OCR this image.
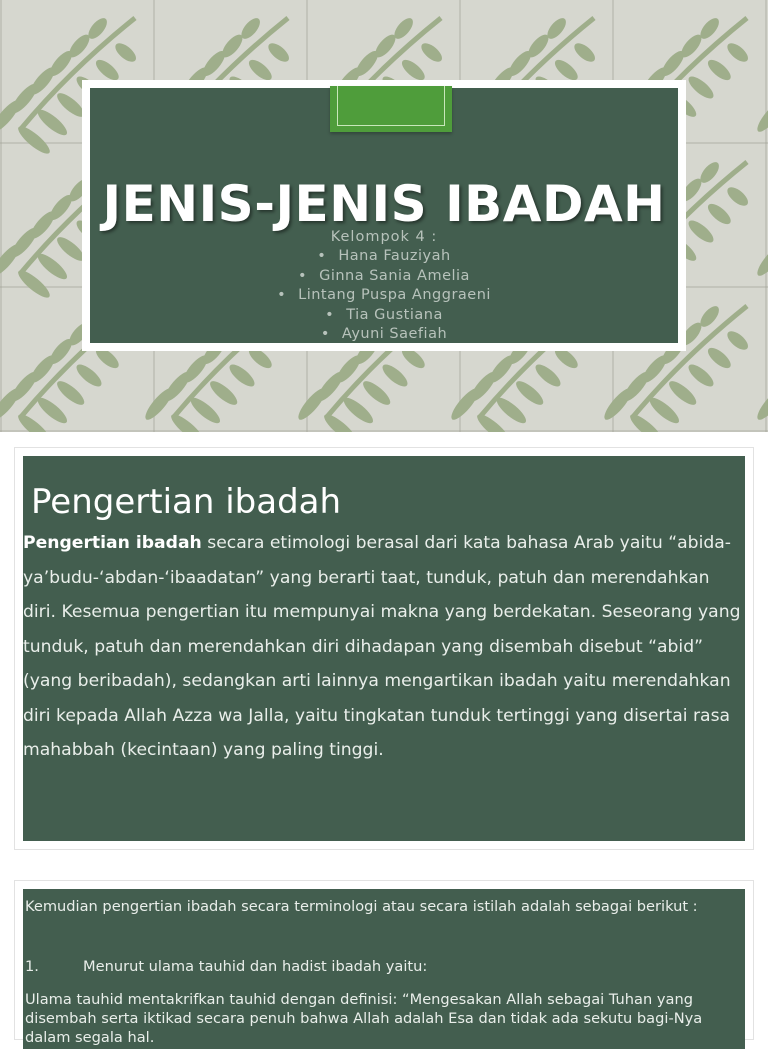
JENIS-JENIS IBADAH
Kelompok 4 :
• Hana Fauziyah
• Ginna Sania Amelia
• Lintang Puspa Anggraeni
• Tia Gustiana
• Ayuni Saefiah
Pengertian ibadah

Pengertian ibadah secara etimologi berasal dari kata bahasa Arab yaitu “abida-ya’budu-‘abdan-‘ibaadatan” yang berarti taat, tunduk, patuh dan merendahkan diri. Kesemua pengertian itu mempunyai makna yang berdekatan. Seseorang yang tunduk, patuh dan merendahkan diri dihadapan yang disembah disebut “abid” (yang beribadah), sedangkan arti lainnya mengartikan ibadah yaitu merendahkan diri kepada Allah Azza wa Jalla, yaitu tingkatan tunduk tertinggi yang disertai rasa mahabbah (kecintaan) yang paling tinggi.

Kemudian pengertian ibadah secara terminologi atau secara istilah adalah sebagai berikut :

1.	Menurut ulama tauhid dan hadist ibadah yaitu:

Ulama tauhid mentakrifkan tauhid dengan definisi: “Mengesakan Allah sebagai Tuhan yang disembah serta iktikad secara penuh bahwa Allah adalah Esa dan tidak ada sekutu bagi-Nya dalam segala hal.
